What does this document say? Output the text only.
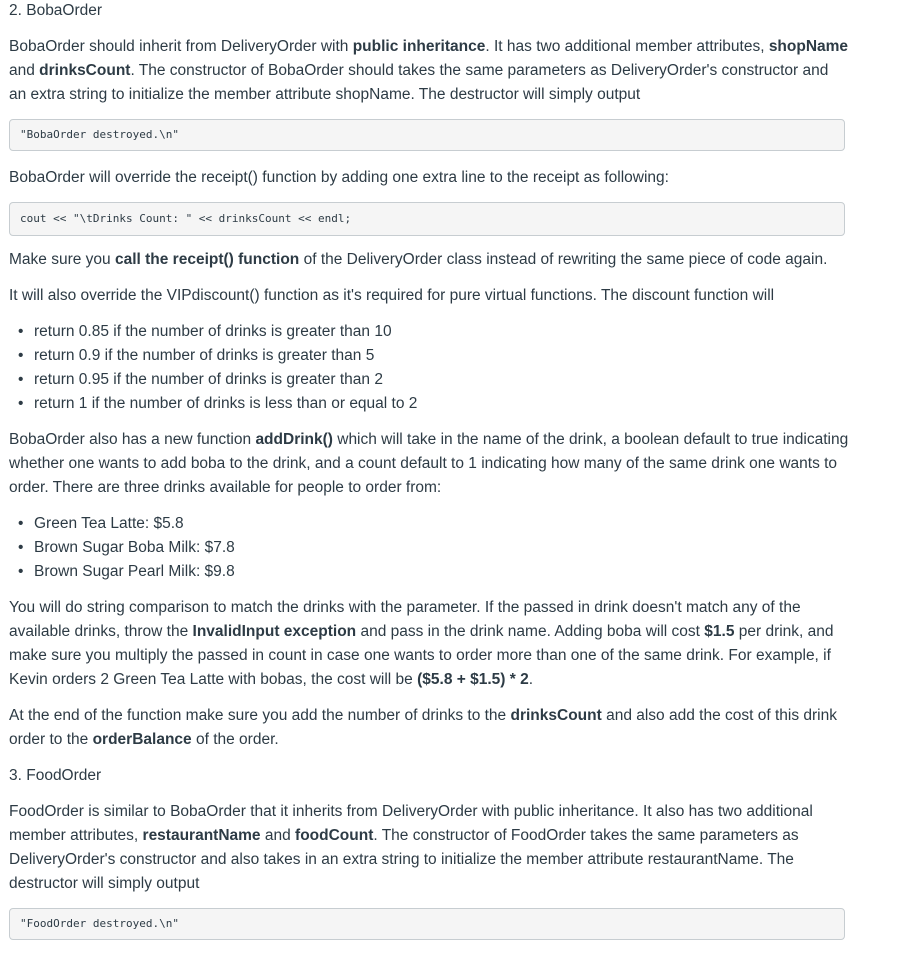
2. BobaOrder

BobaOrder should inherit from DeliveryOrder with public inheritance. It has two additional member attributes, shopName and drinksCount. The constructor of BobaOrder should takes the same parameters as DeliveryOrder's constructor and an extra string to initialize the member attribute shopName. The destructor will simply output

"BobaOrder destroyed.\n"

BobaOrder will override the receipt() function by adding one extra line to the receipt as following:

cout << "\tDrinks Count: " << drinksCount << endl;

Make sure you call the receipt() function of the DeliveryOrder class instead of rewriting the same piece of code again.

It will also override the VIPdiscount() function as it's required for pure virtual functions. The discount function will

• return 0.85 if the number of drinks is greater than 10
• return 0.9 if the number of drinks is greater than 5
• return 0.95 if the number of drinks is greater than 2
• return 1 if the number of drinks is less than or equal to 2

BobaOrder also has a new function addDrink() which will take in the name of the drink, a boolean default to true indicating whether one wants to add boba to the drink, and a count default to 1 indicating how many of the same drink one wants to order. There are three drinks available for people to order from:

• Green Tea Latte: $5.8
• Brown Sugar Boba Milk: $7.8
• Brown Sugar Pearl Milk: $9.8

You will do string comparison to match the drinks with the parameter. If the passed in drink doesn't match any of the available drinks, throw the InvalidInput exception and pass in the drink name. Adding boba will cost $1.5 per drink, and make sure you multiply the passed in count in case one wants to order more than one of the same drink. For example, if Kevin orders 2 Green Tea Latte with bobas, the cost will be ($5.8 + $1.5) * 2.

At the end of the function make sure you add the number of drinks to the drinksCount and also add the cost of this drink order to the orderBalance of the order.

3. FoodOrder

FoodOrder is similar to BobaOrder that it inherits from DeliveryOrder with public inheritance. It also has two additional member attributes, restaurantName and foodCount. The constructor of FoodOrder takes the same parameters as DeliveryOrder's constructor and also takes in an extra string to initialize the member attribute restaurantName. The destructor will simply output

"FoodOrder destroyed.\n"
